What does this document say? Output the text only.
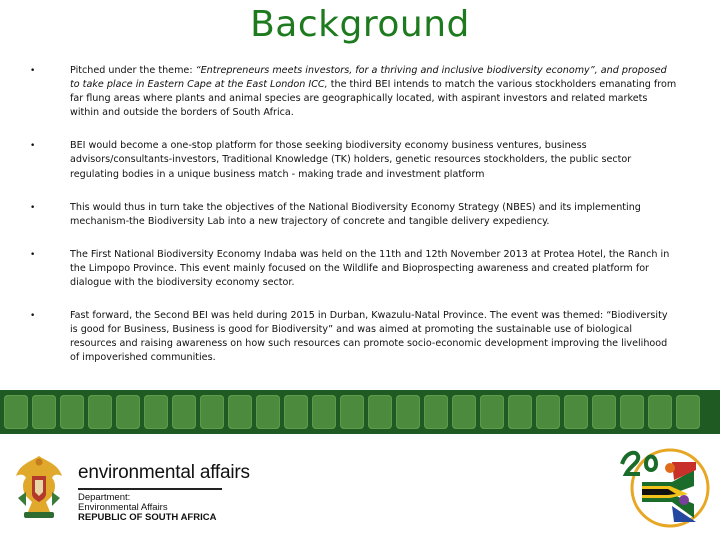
Background
•	Pitched under the theme: “Entrepreneurs meets investors, for a thriving and inclusive biodiversity economy”, and proposed to take place in Eastern Cape at the East London ICC, the third BEI intends to match the various stockholders emanating from far flung areas where plants and animal species are geographically located, with aspirant investors and related markets within and outside the borders of South Africa.
•	BEI would become a one-stop platform for those seeking biodiversity economy business ventures, business advisors/consultants-investors, Traditional Knowledge (TK) holders, genetic resources stockholders, the public sector regulating bodies in a unique business match - making trade and investment platform
•	This would thus in turn take the objectives of the National Biodiversity Economy Strategy (NBES) and its implementing mechanism-the Biodiversity Lab into a new trajectory of concrete and tangible delivery expediency.
•	The First National Biodiversity Economy Indaba was held on the 11th and 12th November 2013 at Protea Hotel, the Ranch in the Limpopo Province. This event mainly focused on the Wildlife and Bioprospecting awareness and created platform for dialogue with the biodiversity economy sector.
•	Fast forward, the Second BEI was held during 2015 in Durban, Kwazulu-Natal Province. The event was themed: “Biodiversity is good for Business, Business is good for Biodiversity” and was aimed at promoting the sustainable use of biological resources and raising awareness on how such resources can promote socio-economic development improving the livelihood of impoverished communities.
environmental affairs
Department:
Environmental Affairs
REPUBLIC OF SOUTH AFRICA
